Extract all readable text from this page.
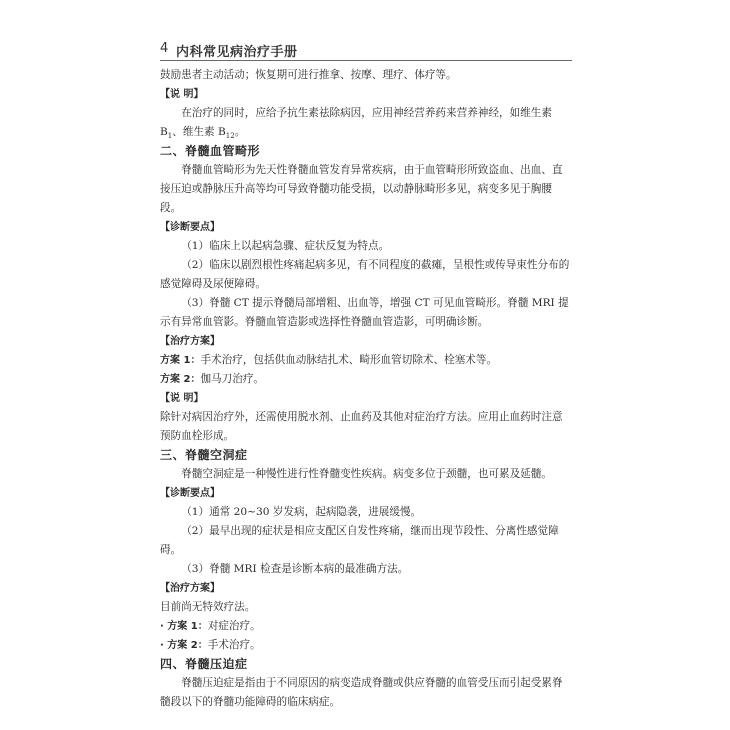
4 内科常见病治疗手册

鼓励患者主动活动；恢复期可进行推拿、按摩、理疗、体疗等。

【说 明】

在治疗的同时，应给予抗生素祛除病因，应用神经营养药来营养神经，如维生素 $B_1$、维生素 $B_{12}$。

二、脊髓血管畸形

脊髓血管畸形为先天性脊髓血管发育异常疾病，由于血管畸形所致盗血、出血、直接压迫或静脉压升高等均可导致脊髓功能受损，以动静脉畸形多见，病变多见于胸腰段。

【诊断要点】

（1）临床上以起病急骤、症状反复为特点。

（2）临床以剧烈根性疼痛起病多见，有不同程度的截瘫，呈根性或传导束性分布的感觉障碍及尿便障碍。

（3）脊髓 CT 提示脊髓局部增粗、出血等，增强 CT 可见血管畸形。脊髓 MRI 提示有异常血管影。脊髓血管造影或选择性脊髓血管造影，可明确诊断。

【治疗方案】

方案 1：手术治疗，包括供血动脉结扎术、畸形血管切除术、栓塞术等。

方案 2：伽马刀治疗。

【说 明】

除针对病因治疗外，还需使用脱水剂、止血药及其他对症治疗方法。应用止血药时注意预防血栓形成。

三、脊髓空洞症

脊髓空洞症是一种慢性进行性脊髓变性疾病。病变多位于颈髓，也可累及延髓。

【诊断要点】

（1）通常 20~30 岁发病，起病隐袭，进展缓慢。

（2）最早出现的症状是相应支配区自发性疼痛，继而出现节段性、分离性感觉障碍。

（3）脊髓 MRI 检查是诊断本病的最准确方法。

【治疗方案】

目前尚无特效疗法。

· 方案 1：对症治疗。

· 方案 2：手术治疗。

四、脊髓压迫症

脊髓压迫症是指由于不同原因的病变造成脊髓或供应脊髓的血管受压而引起受累脊髓段以下的脊髓功能障碍的临床病症。
